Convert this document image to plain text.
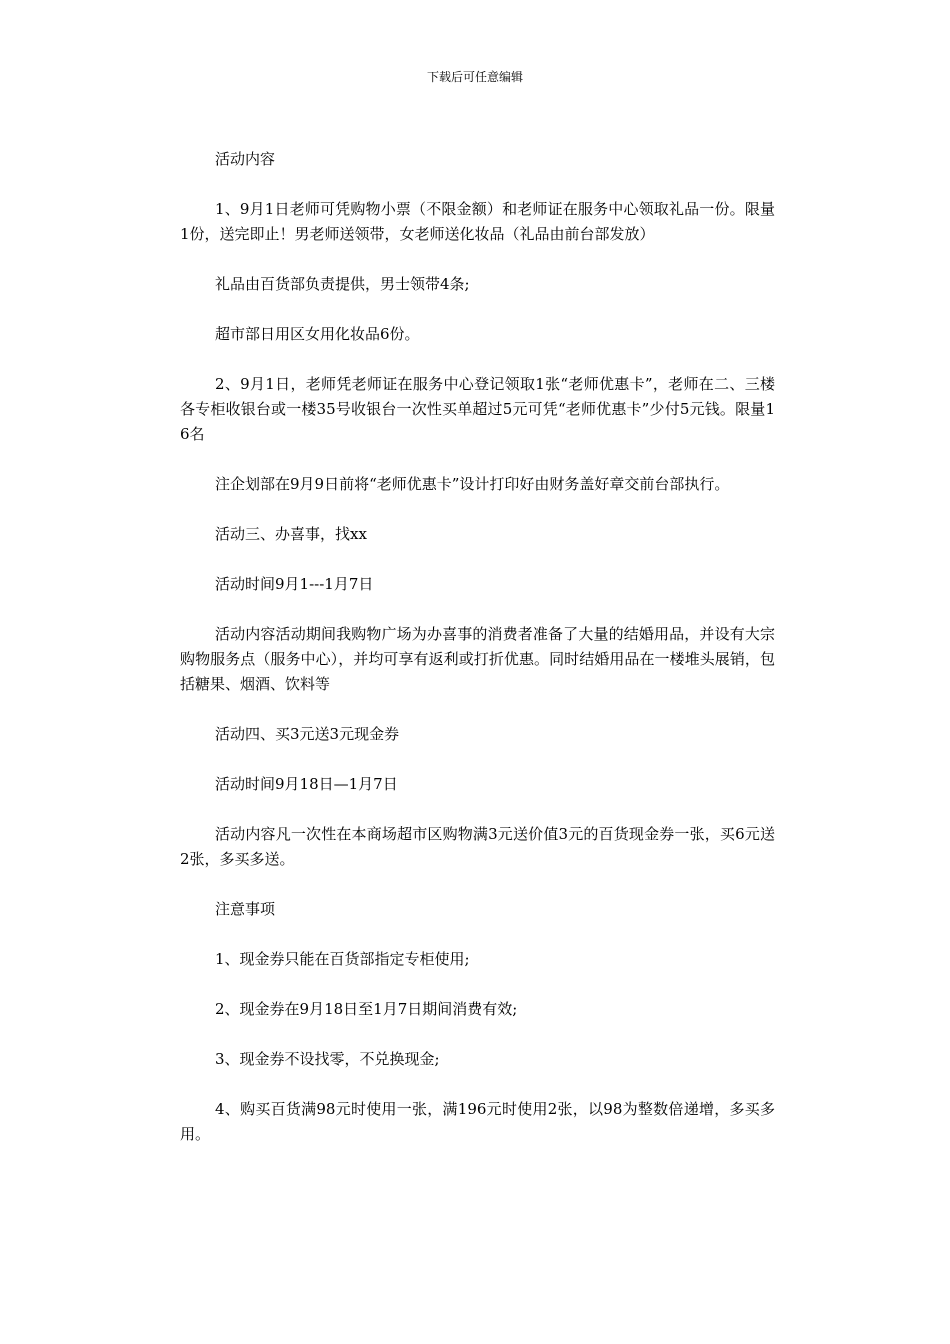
下载后可任意编辑

活动内容

1、9月1日老师可凭购物小票（不限金额）和老师证在服务中心领取礼品一份。限量1份，送完即止！男老师送领带，女老师送化妆品（礼品由前台部发放）

礼品由百货部负责提供，男士领带4条;

超市部日用区女用化妆品6份。

2、9月1日，老师凭老师证在服务中心登记领取1张“老师优惠卡”，老师在二、三楼各专柜收银台或一楼35号收银台一次性买单超过5元可凭“老师优惠卡”少付5元钱。限量16名

注企划部在9月9日前将“老师优惠卡”设计打印好由财务盖好章交前台部执行。

活动三、办喜事，找xx

活动时间9月1---1月7日

活动内容活动期间我购物广场为办喜事的消费者准备了大量的结婚用品，并设有大宗购物服务点（服务中心），并均可享有返利或打折优惠。同时结婚用品在一楼堆头展销，包括糖果、烟酒、饮料等

活动四、买3元送3元现金券

活动时间9月18日—1月7日

活动内容凡一次性在本商场超市区购物满3元送价值3元的百货现金券一张，买6元送2张，多买多送。

注意事项

1、现金券只能在百货部指定专柜使用;

2、现金券在9月18日至1月7日期间消费有效;

3、现金券不设找零，不兑换现金;

4、购买百货满98元时使用一张，满196元时使用2张，以98为整数倍递增，多买多用。
